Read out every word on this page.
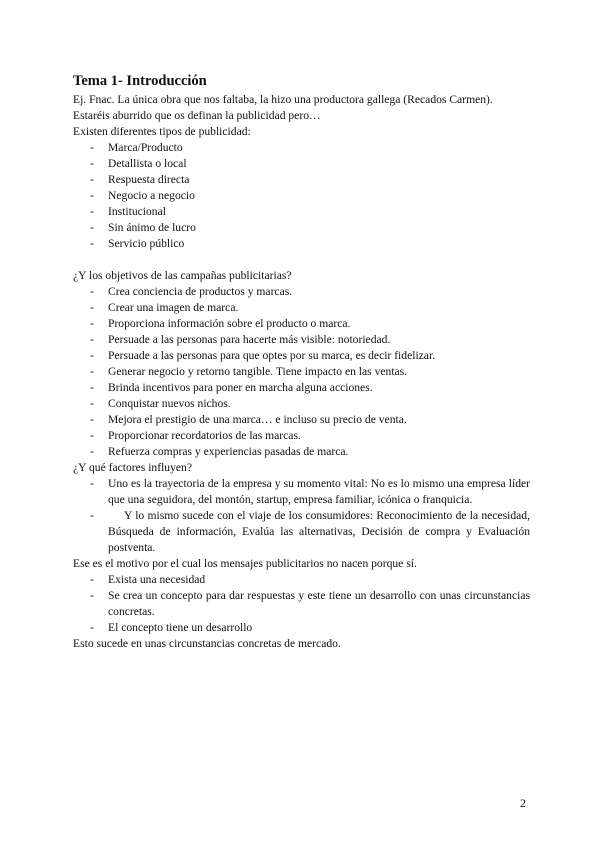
Tema 1- Introducción

Ej. Fnac. La única obra que nos faltaba, la hizo una productora gallega (Recados Carmen).

Estaréis aburrido que os definan la publicidad pero…

Existen diferentes tipos de publicidad:

- Marca/Producto
- Detallista o local
- Respuesta directa
- Negocio a negocio
- Institucional
- Sin ánimo de lucro
- Servicio público

¿Y los objetivos de las campañas publicitarias?

- Crea conciencia de productos y marcas.
- Crear una imagen de marca.
- Proporciona información sobre el producto o marca.
- Persuade a las personas para hacerte más visible: notoriedad.
- Persuade a las personas para que optes por su marca, es decir fidelizar.
- Generar negocio y retorno tangible. Tiene impacto en las ventas.
- Brinda incentivos para poner en marcha alguna acciones.
- Conquistar nuevos nichos.
- Mejora el prestigio de una marca… e incluso su precio de venta.
- Proporcionar recordatorios de las marcas.
- Refuerza compras y experiencias pasadas de marca.

¿Y qué factores influyen?

- Uno es la trayectoria de la empresa y su momento vital: No es lo mismo una empresa líder que una seguidora, del montón, startup, empresa familiar, icónica o franquicia.
-	Y lo mismo sucede con el viaje de los consumidores: Reconocimiento de la necesidad, Búsqueda de información, Evalúa las alternativas, Decisión de compra y Evaluación postventa.

Ese es el motivo por el cual los mensajes publicitarios no nacen porque sí.

- Exista una necesidad
- Se crea un concepto para dar respuestas y este tiene un desarrollo con unas circunstancias concretas.
- El concepto tiene un desarrollo

Esto sucede en unas circunstancias concretas de mercado.

2
